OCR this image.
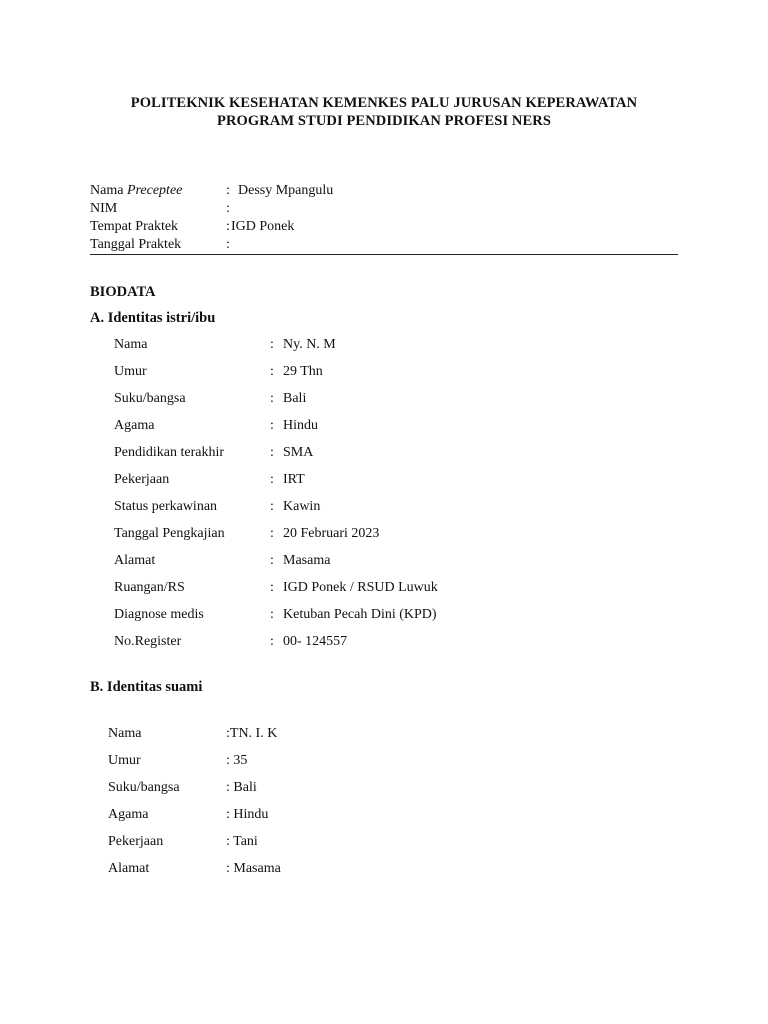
POLITEKNIK KESEHATAN KEMENKES PALU JURUSAN KEPERAWATAN
PROGRAM STUDI PENDIDIKAN PROFESI NERS
Nama Preceptee	: Dessy Mpangulu
NIM	:
Tempat Praktek	: IGD Ponek
Tanggal Praktek	:
BIODATA
A. Identitas istri/ibu
Nama	: Ny. N. M
Umur	: 29 Thn
Suku/bangsa	: Bali
Agama	: Hindu
Pendidikan terakhir	: SMA
Pekerjaan	: IRT
Status perkawinan	: Kawin
Tanggal Pengkajian	: 20 Februari 2023
Alamat	: Masama
Ruangan/RS	: IGD Ponek / RSUD Luwuk
Diagnose medis	: Ketuban Pecah Dini (KPD)
No.Register	: 00- 124557
B. Identitas suami
Nama	:TN. I. K
Umur	: 35
Suku/bangsa	: Bali
Agama	: Hindu
Pekerjaan	: Tani
Alamat	: Masama
